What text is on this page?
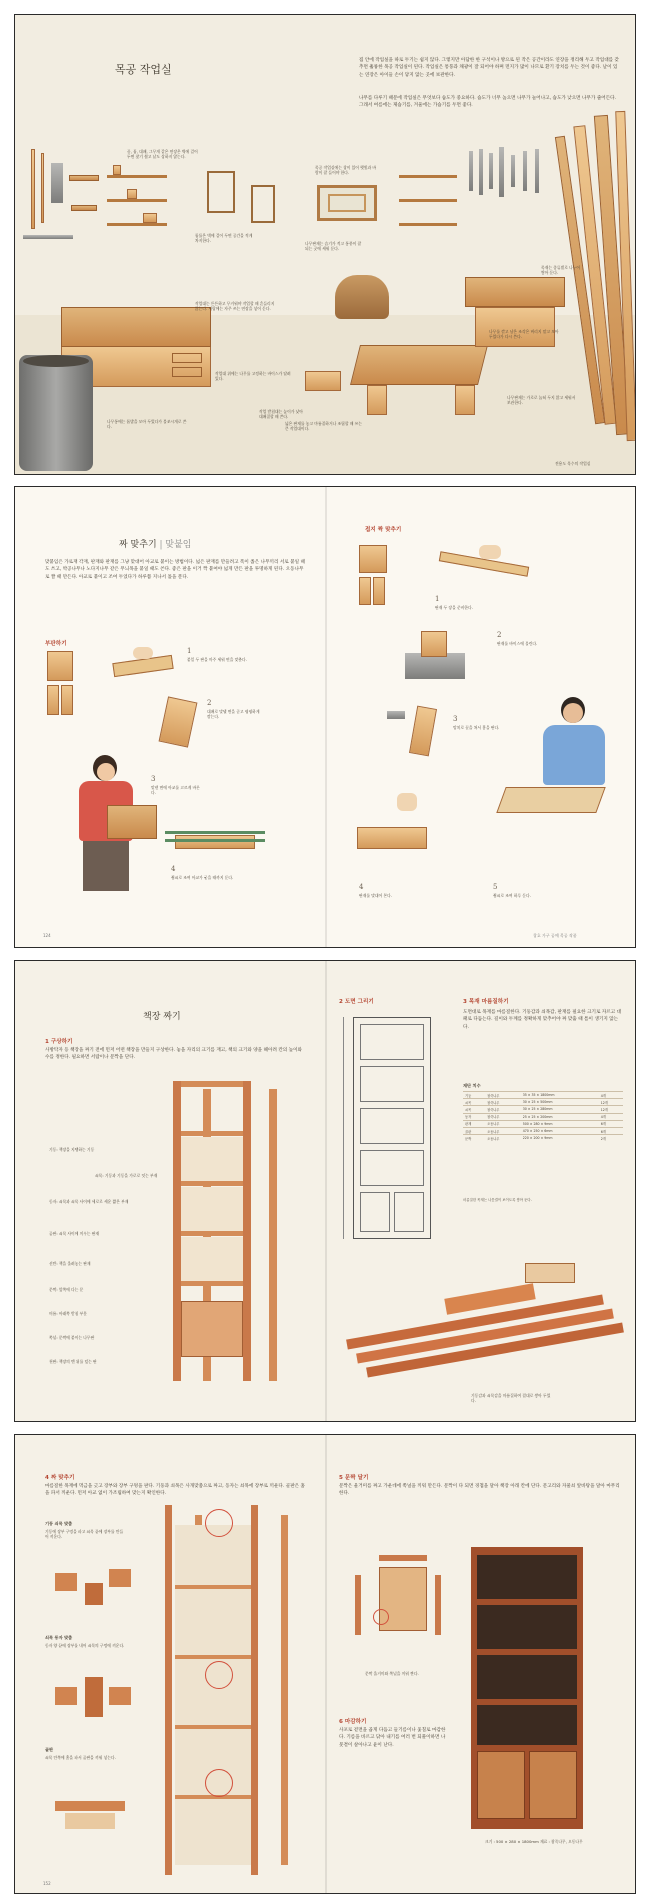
목공 작업실
집 안에 작업실을 따로 두기는 쉽지 않다. 그렇지만 아담한 한 구석이나 방으로 된 작은 공간이라도 연장을 정리해 두고 작업대를 갖추면 훌륭한 목공 작업실이 된다. 작업실은 통풍과 채광이 잘 되어야 하며 먼지가 많이 나므로 환기 장치를 두는 것이 좋다. 날이 있는 연장은 아이들 손이 닿지 않는 곳에 보관한다.
나무를 다루기 때문에 작업실은 무엇보다 습도가 중요하다. 습도가 너무 높으면 나무가 늘어나고, 습도가 낮으면 나무가 줄어든다. 그래서 여름에는 제습기를, 겨울에는 가습기를 두면 좋다.
끌, 톱, 대패, 그무개 같은 연장은 벽에 걸어 두면 찾기 쉽고 날도 상하지 않는다.
톱틀은 벽에 걸어 두면 공간을 적게 차지한다.
작업대는 튼튼하고 무거워야 작업할 때 흔들리지 않는다. 서랍에는 자주 쓰는 연장을 넣어 둔다.
목공 작업실에는 창이 있어 햇빛과 바람이 잘 들어야 한다.
나무판재는 습기가 적고 통풍이 잘 되는 곳에 세워 둔다.
작업대 위에는 나무를 고정하는 바이스가 달려 있다.
넓은 판재를 놓고 마름질하거나 조립할 때 쓰는 큰 작업대이다.
작업 받침대는 높이가 낮아 대패질할 때 쓴다.
나무를 깎고 남은 조각은 버리지 말고 모아 두었다가 다시 쓴다.
나무통에는 톱밥을 모아 두었다가 불쏘시개로 쓴다.
나무판재는 가로로 눕혀 두지 않고 세워서 보관한다.
목재는 종류별로 나누어 쌓아 둔다.
전용도 목수의 작업실
짜 맞추기 | 맞붙임
맞붙임은 가로재 각재, 판재와 판재를 그냥 맞대어 아교로 붙이는 방법이다. 넓은 판재를 만들려고 폭이 좁은 나무끼리 서로 붙일 때도 쓰고, 박공나무나 노다지나무 같은 무늬목을 붙일 때도 쓴다. 좋은 판을 이거 짝 붙여야 넓게 만든 판을 투명하게 된다. 오동나무로 짤 때 만든다. 아교로 붙이고 조여 두었다가 하루쯤 지나서 틀을 푼다.
부판하기
접지 짝 맞추기
1
붙일 두 판을 마주 세워 면을 맞춘다.
2
대패로 맞댈 면을 곧고 평평하게 깎는다.
3
맞댄 면에 아교를 고르게 바른다.
4
죔쇠로 조여 아교가 굳을 때까지 둔다.
124
1
판재 두 장을 준비한다.
2
판재를 바이스에 물린다.
3
망치로 끌을 쳐서 홈을 판다.
4
판재를 맞대어 본다.
5
죔쇠로 조여 하루 둔다.
창호 가구 공예 목공 작품
책장 짜기
1 구상하기
사방탁자 등 책장을 짜기 전에 먼저 어떤 책장을 만들지 구상한다. 놓을 자리의 크기를 재고, 책의 크기와 양을 헤아려 칸의 높이와 수를 정한다. 필요하면 서랍이나 문짝을 단다.
기둥: 책장을 지탱하는 기둥
쇠목: 기둥과 기둥을 가로로 잇는 부재
동자: 쇠목과 쇠목 사이에 세로로 세운 짧은 부재
골판: 쇠목 사이에 끼우는 판재
선반: 책을 올려놓는 판재
문짝: 앞쪽에 다는 문
머름: 아래쪽 받침 부분
쪽널: 문짝에 붙이는 나무판
천판: 책장의 맨 위를 덮는 판
2 도면 그리기	3 목재 마름질하기
도면대로 목재를 마름질한다. 기둥감과 쇠목감, 판재를 필요한 크기로 자르고 대패로 다듬는다. 길이와 두께를 정확하게 맞추어야 짜 맞출 때 틈이 생기지 않는다.
재단 치수
기둥	참죽나무	35 × 35 × 1800mm	4개
쇠목	참죽나무	30 × 25 × 500mm	12개
쇠목	참죽나무	30 × 25 × 280mm	12개
동자	참죽나무	25 × 25 × 200mm	4개
판재	오동나무	500 × 280 × 9mm	6개
골판	오동나무	470 × 250 × 6mm	6개
문짝	오동나무	220 × 200 × 9mm	2개
마름질한 목재는 나뭇결이 보이도록 쌓아 둔다.
기둥감과 쇠목감을 마름질하여 결대로 쌓아 두었다.
4 짜 맞추기
마름질한 목재에 먹금을 긋고 장부와 장부 구멍을 판다. 기둥과 쇠목은 사개맞춤으로 짜고, 동자는 쇠목에 장부로 끼운다. 골판은 홈을 파서 끼운다. 먼저 아교 없이 가조립하여 맞는지 확인한다.
기둥 쇠목 맞춤
기둥에 장부 구멍을 파고 쇠목 끝에 장부를 만들어 끼운다.
쇠목 동자 맞춤
동자 양 끝에 장부를 내어 쇠목의 구멍에 끼운다.
골판
쇠목 안쪽에 홈을 파서 골판을 끼워 넣는다.
152
5 문짝 달기
문짝은 울거미를 짜고 가운데에 쪽널을 끼워 만든다. 문짝이 다 되면 경첩을 달아 책장 아래 칸에 단다. 문고리와 자물쇠 앞바탕을 달아 마무리한다.
문짝 울거미와 쪽널을 끼워 짠다.
6 마감하기
사포로 겉면을 곱게 다듬고 들기름이나 옻칠로 마감한다. 기름을 바르고 닦아 내기를 여러 번 되풀이하면 나뭇결이 살아나고 윤이 난다.
크기 : 500 × 280 × 1800mm 재료 : 참죽나무, 오동나무
